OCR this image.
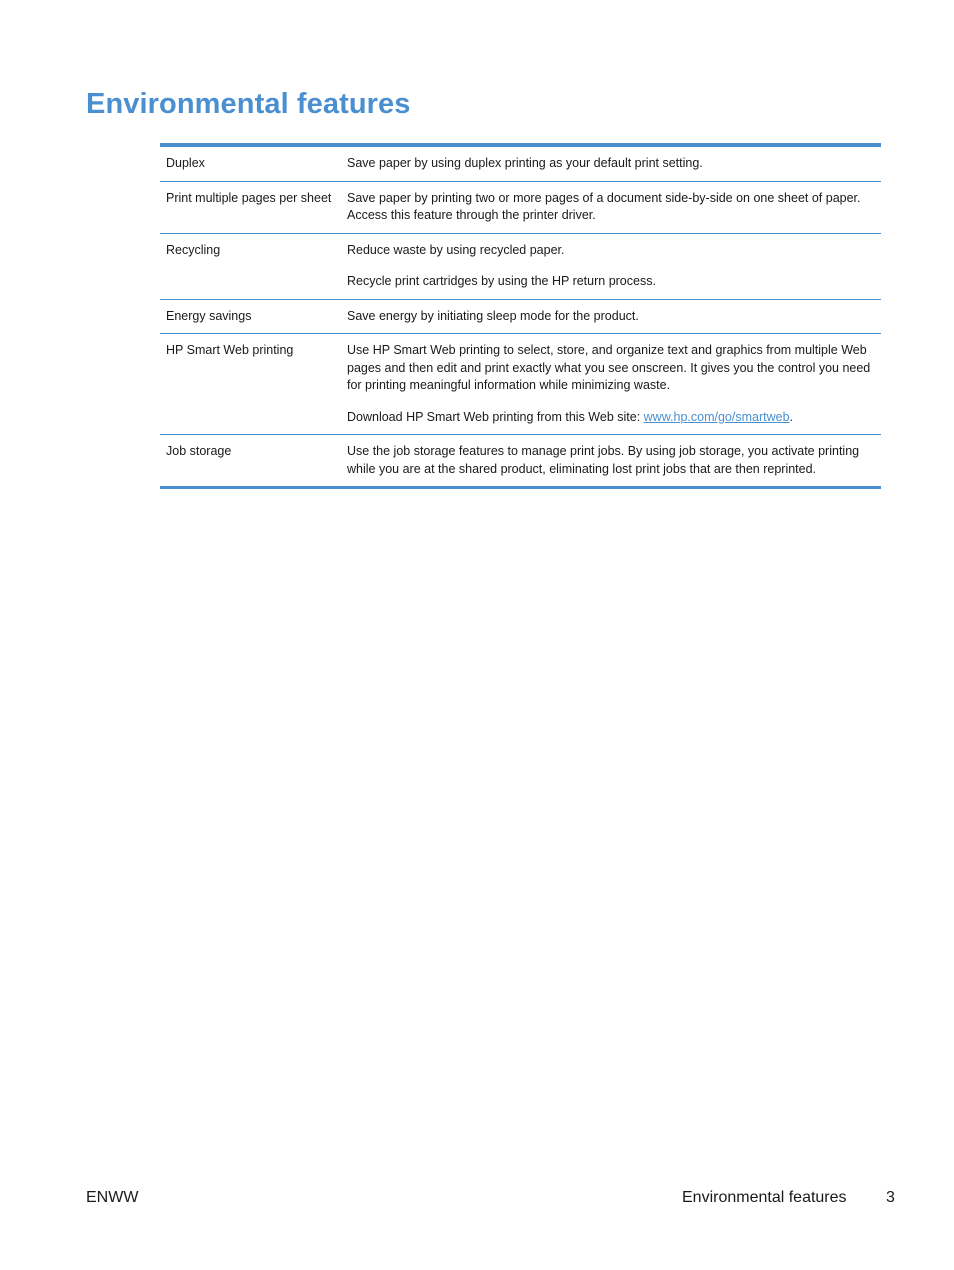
Environmental features
Duplex	Save paper by using duplex printing as your default print setting.

Print multiple pages per sheet	Save paper by printing two or more pages of a document side-by-side on one sheet of paper. Access this feature through the printer driver.

Recycling	Reduce waste by using recycled paper.

Recycle print cartridges by using the HP return process.

Energy savings	Save energy by initiating sleep mode for the product.

HP Smart Web printing	Use HP Smart Web printing to select, store, and organize text and graphics from multiple Web pages and then edit and print exactly what you see onscreen. It gives you the control you need for printing meaningful information while minimizing waste.

Download HP Smart Web printing from this Web site: www.hp.com/go/smartweb.

Job storage	Use the job storage features to manage print jobs. By using job storage, you activate printing while you are at the shared product, eliminating lost print jobs that are then reprinted.

ENWW	Environmental features 3
